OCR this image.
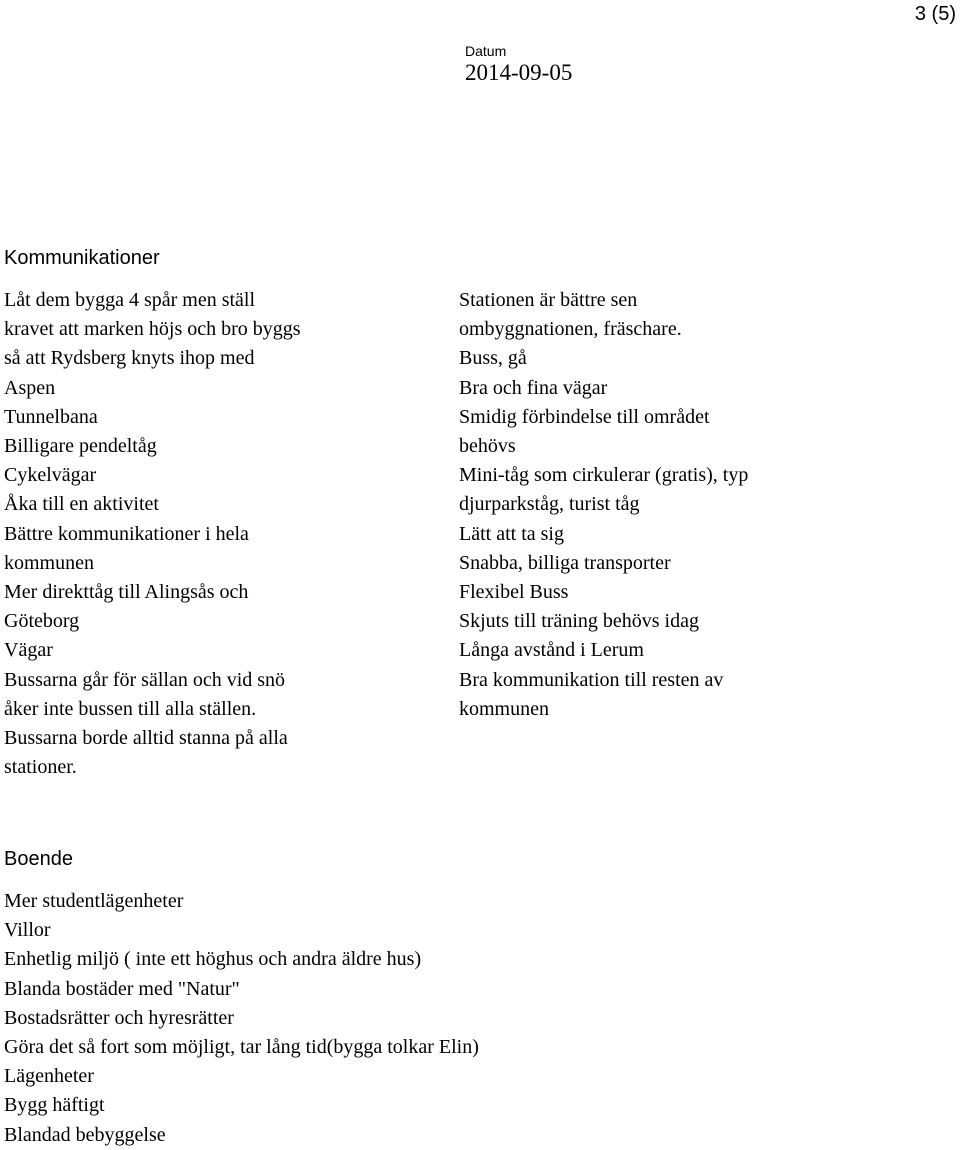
3 (5)
Datum
2014-09-05
Kommunikationer
Låt dem bygga 4 spår men ställ
kravet att marken höjs och bro byggs
så att Rydsberg knyts ihop med
Aspen
Tunnelbana
Billigare pendeltåg
Cykelvägar
Åka till en aktivitet
Bättre kommunikationer i hela
kommunen
Mer direkttåg till Alingsås och
Göteborg
Vägar
Bussarna går för sällan och vid snö
åker inte bussen till alla ställen.
Bussarna borde alltid stanna på alla
stationer.
Stationen är bättre sen
ombyggnationen, fräschare.
Buss, gå
Bra och fina vägar
Smidig förbindelse till området
behövs
Mini-tåg som cirkulerar (gratis), typ
djurparkståg, turist tåg
Lätt att ta sig
Snabba, billiga transporter
Flexibel Buss
Skjuts till träning behövs idag
Långa avstånd i Lerum
Bra kommunikation till resten av
kommunen
Boende
Mer studentlägenheter
Villor
Enhetlig miljö ( inte ett höghus och andra äldre hus)
Blanda bostäder med "Natur"
Bostadsrätter och hyresrätter
Göra det så fort som möjligt, tar lång tid(bygga tolkar Elin)
Lägenheter
Bygg häftigt
Blandad bebyggelse
